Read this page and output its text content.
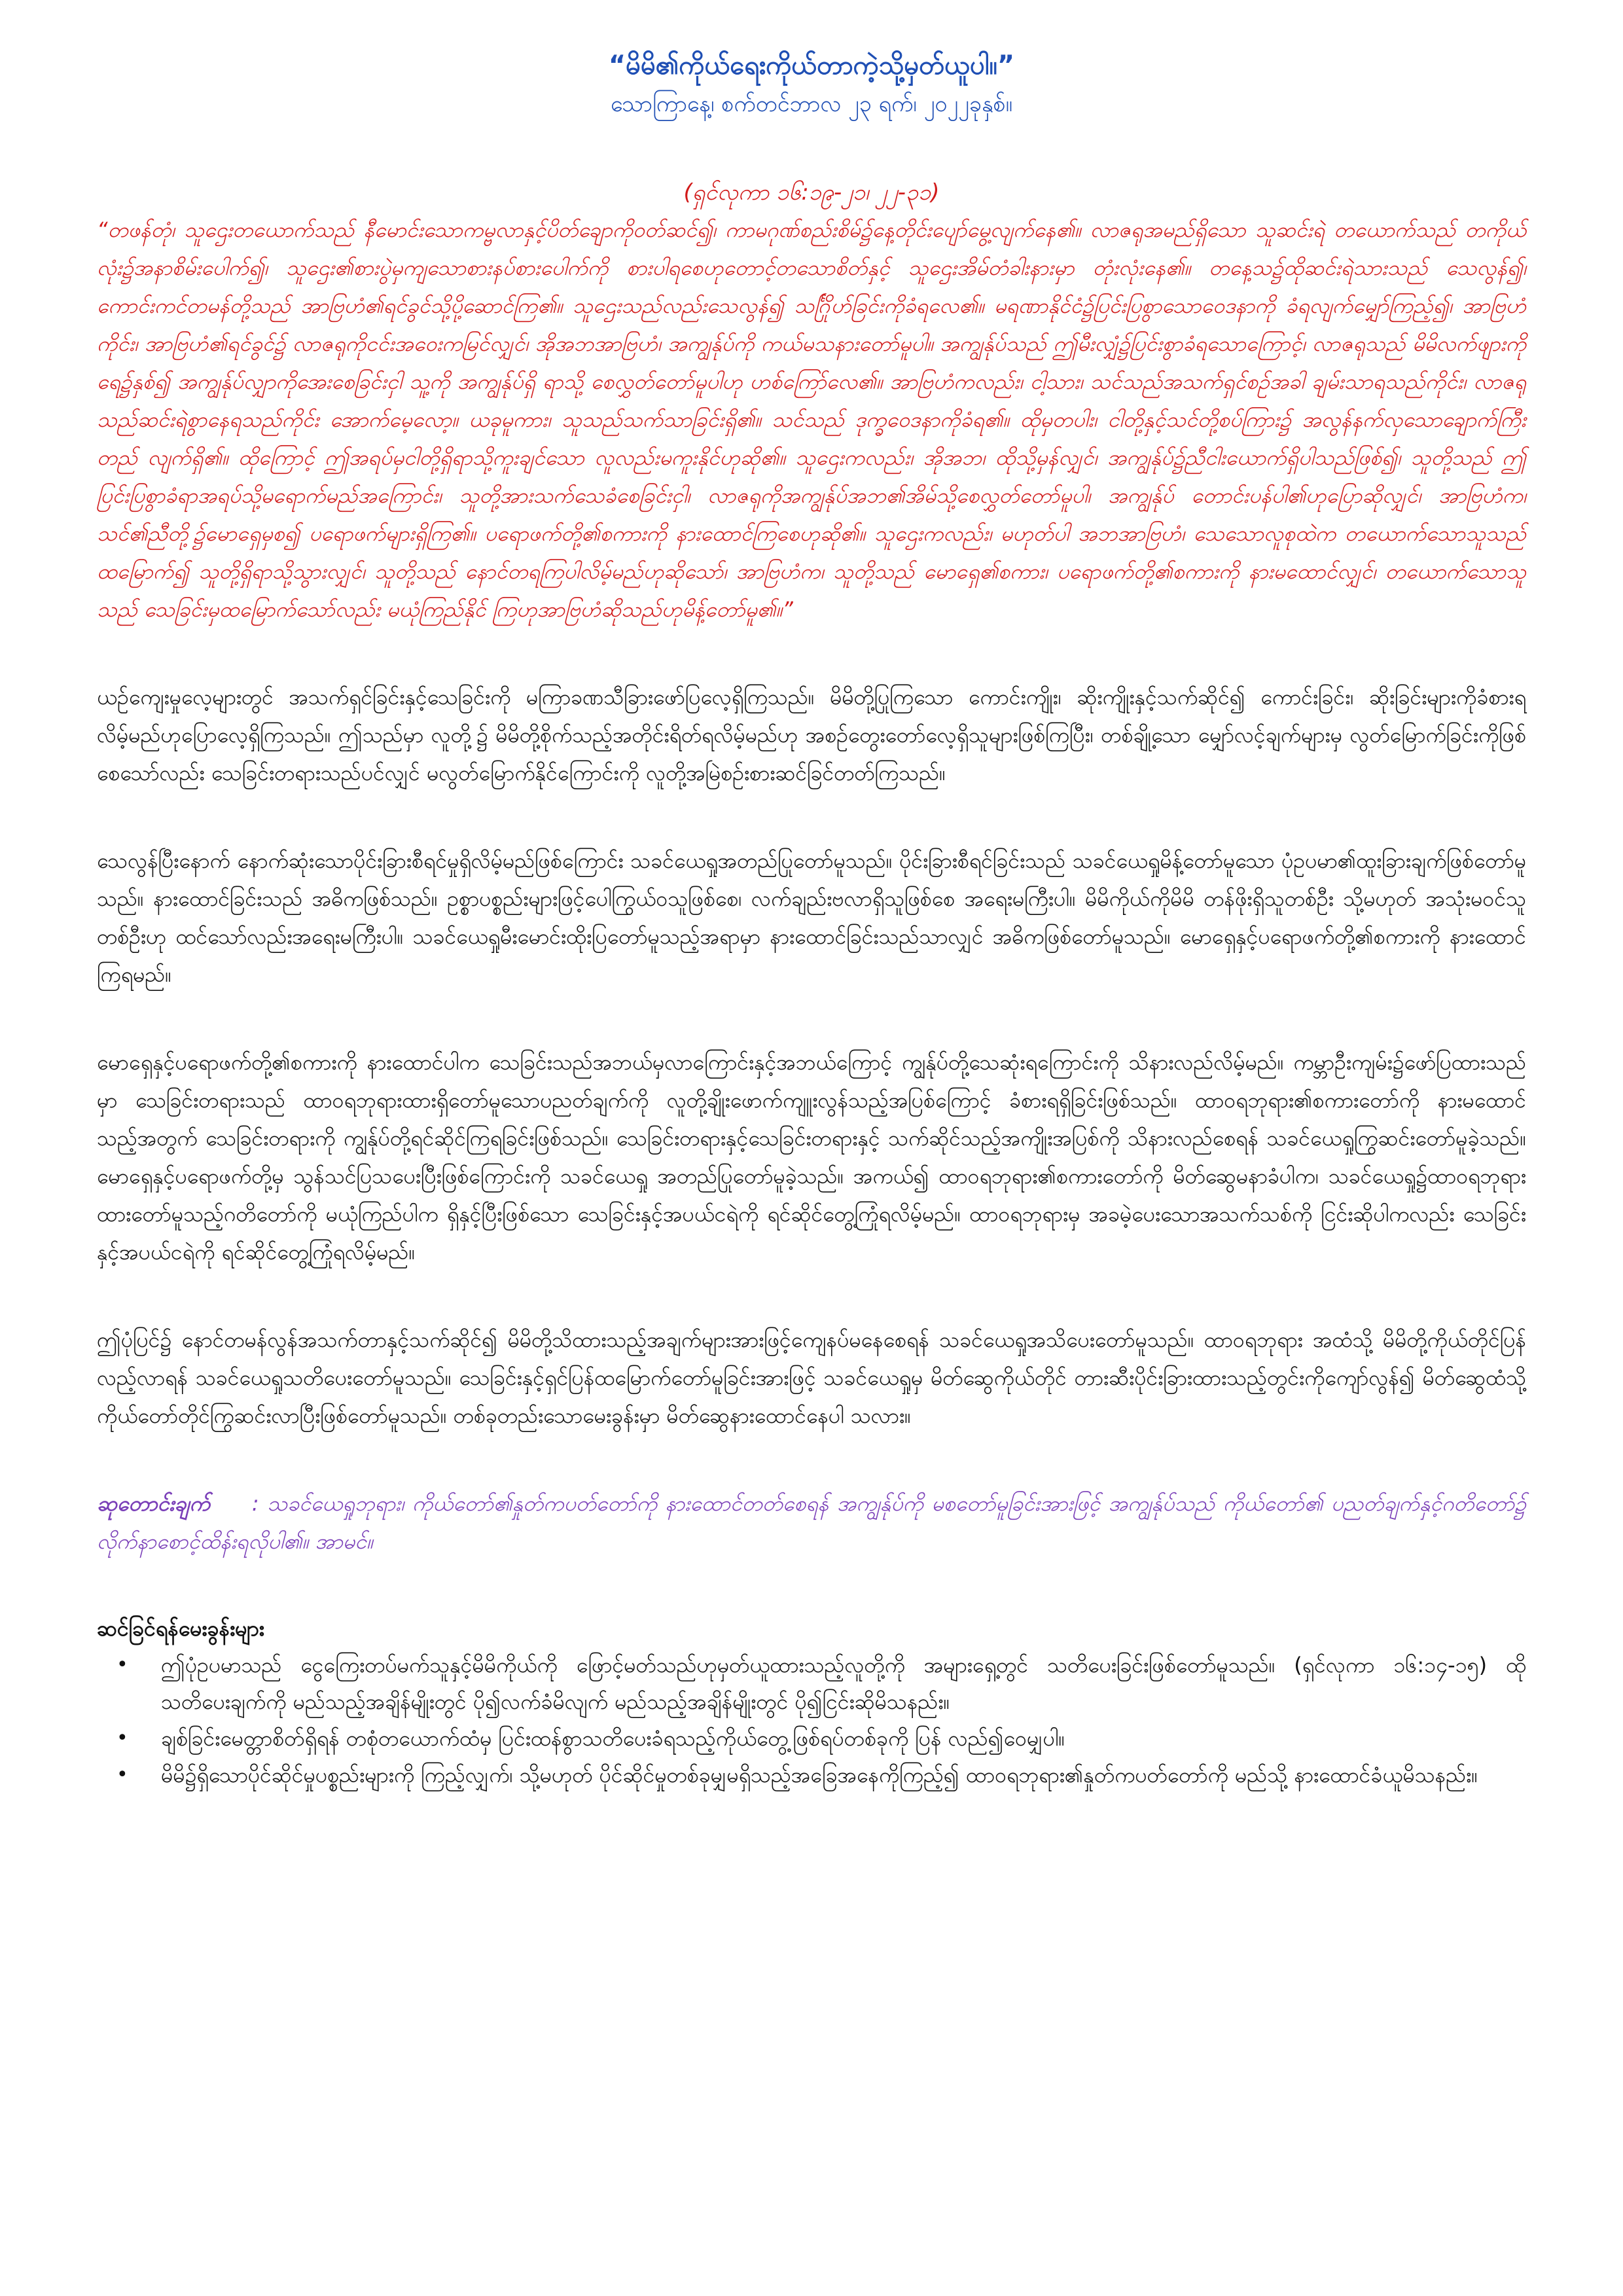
“မိမိ၏ကိုယ်ရေးကိုယ်တာကဲ့သို့မှတ်ယူပါ။”

သောကြာနေ့၊ စက်တင်ဘာလ ၂၃ ရက်၊ ၂၀၂၂ခုနှစ်။

(ရှင်လုကာ ၁၆:၁၉-၂၁၊ ၂၂-၃၁)

“တဖန်တုံ၊ သူဌေးတယောက်သည် နီမောင်းသောကမ္ဗလာနှင့်ပိတ်ချောကိုဝတ်ဆင်၍၊ ကာမဂုဏ်စည်းစိမ်၌နေ့တိုင်းပျော်မွေ့လျက်နေ၏။ လာဇရုအမည်ရှိသော သူဆင်းရဲ တယောက်သည် တကိုယ်လုံး၌အနာစိမ်းပေါက်၍၊ သူဌေး၏စားပွဲမှကျသောစားနပ်စားပေါက်ကို စားပါရစေဟုတောင့်တသောစိတ်နှင့် သူဌေးအိမ်တံခါးနားမှာ တုံးလုံးနေ၏။ တနေ့သ၌ထိုဆင်းရဲသားသည် သေလွန်၍၊ ကောင်းကင်တမန်တို့သည် အာဗြဟံ၏ရင်ခွင်သို့ပို့ဆောင်ကြ၏။ သူဌေးသည်လည်းသေလွန်၍ သင်္ဂြိုဟ်ခြင်းကိုခံရလေ၏။ မရဏာနိုင်ငံ၌ပြင်းပြစွာသောဝေဒနာကို ခံရလျက်မျှော်ကြည့်၍၊ အာဗြဟံကိုင်း၊ အာဗြဟံ၏ရင်ခွင်၌ လာဇရုကိုငင်းအဝေးကမြင်လျှင်၊ အိုအဘအာဗြဟံ၊ အကျွန်ုပ်ကို ကယ်မသနားတော်မူပါ။ အကျွန်ုပ်သည် ဤမီးလျှံ၌ပြင်းစွာခံရသောကြောင့်၊ လာဇရုသည် မိမိလက်ဖျားကိုရေ၌နှစ်၍ အကျွန်ုပ်လျှာကိုအေးစေခြင်းငှါ သူ့ကို အကျွန်ုပ်ရှိ ရာသို့ စေလွှတ်တော်မူပါဟု ဟစ်ကြော်လေ၏။ အာဗြဟံကလည်း၊ ငါ့သား၊ သင်သည်အသက်ရှင်စဉ်အခါ ချမ်းသာရသည်ကိုင်း၊ လာဇရုသည်ဆင်းရဲစွာနေရသည်ကိုင်း အောက်မေ့လော့။ ယခုမူကား၊ သူသည်သက်သာခြင်းရှိ၏။ သင်သည် ဒုက္ခဝေဒနာကိုခံရ၏။ ထိုမှတပါး၊ ငါတို့နှင့်သင်တို့စပ်ကြား၌ အလွန်နက်လှသောချောက်ကြီးတည် လျက်ရှိ၏။ ထိုကြောင့် ဤအရပ်မှငါတို့ရှိရာသို့ကူးချင်သော လူလည်းမကူးနိုင်ဟုဆို၏။ သူဌေးကလည်း၊ အိုအဘ၊ ထိုသို့မှန်လျှင်၊ အကျွန်ုပ်၌ညီငါးယောက်ရှိပါသည်ဖြစ်၍၊ သူတို့သည် ဤပြင်းပြစွာခံရာအရပ်သို့မရောက်မည်အကြောင်း၊ သူတို့အားသက်သေခံစေခြင်းငှါ၊ လာဇရုကိုအကျွန်ုပ်အဘ၏အိမ်သို့စေလွှတ်တော်မူပါ၊ အကျွန်ုပ် တောင်းပန်ပါ၏ဟုပြောဆိုလျှင်၊ အာဗြဟံက၊ သင်၏ညီတို့၌မောရှေမှစ၍ ပရောဖက်များရှိကြ၏။ ပရောဖက်တို့၏စကားကို နားထောင်ကြစေဟုဆို၏။ သူဌေးကလည်း၊ မဟုတ်ပါ အဘအာဗြဟံ၊ သေသောလူစုထဲက တယောက်သောသူသည် ထမြောက်၍ သူတို့ရှိရာသို့သွားလျှင်၊ သူတို့သည် နောင်တရကြပါလိမ့်မည်ဟုဆိုသော်၊ အာဗြဟံက၊ သူတို့သည် မောရှေ၏စကား၊ ပရောဖက်တို့၏စကားကို နားမထောင်လျှင်၊ တယောက်သောသူသည် သေခြင်းမှထမြောက်သော်လည်း မယုံကြည်နိုင် ကြဟုအာဗြဟံဆိုသည်ဟုမိန့်တော်မူ၏။”

ယဉ်ကျေးမှုလေ့များတွင် အသက်ရှင်ခြင်းနှင့်သေခြင်းကို မကြာခဏသီခြားဖော်ပြလေ့ရှိကြသည်။ မိမိတို့ပြုကြသော ကောင်းကျိုး၊ ဆိုးကျိုးနှင့်သက်ဆိုင်၍ ကောင်းခြင်း၊ ဆိုးခြင်းများကိုခံစားရလိမ့်မည်ဟုပြောလေ့ရှိကြသည်။ ဤသည်မှာ လူတို့၌ မိမိတို့စိုက်သည့်အတိုင်းရိတ်ရလိမ့်မည်ဟု အစဉ်တွေးတော်လေ့ရှိသူများဖြစ်ကြပြီး၊ တစ်ချို့သော မျှော်လင့်ချက်များမှ လွတ်မြောက်ခြင်းကိုဖြစ်စေသော်လည်း သေခြင်းတရားသည်ပင်လျှင် မလွတ်မြောက်နိုင်ကြောင်းကို လူတို့အမြဲစဉ်းစားဆင်ခြင်တတ်ကြသည်။

သေလွန်ပြီးနောက် နောက်ဆုံးသောပိုင်းခြားစီရင်မှုရှိလိမ့်မည်ဖြစ်ကြောင်း သခင်ယေရှုအတည်ပြုတော်မူသည်။ ပိုင်းခြားစီရင်ခြင်းသည် သခင်ယေရှုမိန့်တော်မူသော ပုံဥပမာ၏ထူးခြားချက်ဖြစ်တော်မူသည်။ နားထောင်ခြင်းသည် အဓိကဖြစ်သည်။ ဥစ္စာပစ္စည်းများဖြင့်ပေါကြွယ်ဝသူဖြစ်စေ၊ လက်ချည်းဗလာရှိသူဖြစ်စေ အရေးမကြီးပါ။ မိမိကိုယ်ကိုမိမိ တန်ဖိုးရှိသူတစ်ဦး သို့မဟုတ် အသုံးမဝင်သူတစ်ဦးဟု ထင်သော်လည်းအရေးမကြီးပါ။ သခင်ယေရှုမီးမောင်းထိုးပြတော်မူသည့်အရာမှာ နားထောင်ခြင်းသည်သာလျှင် အဓိကဖြစ်တော်မူသည်။ မောရှေနှင့်ပရောဖက်တို့၏စကားကို နားထောင်ကြရမည်။

မောရှေနှင့်ပရောဖက်တို့၏စကားကို နားထောင်ပါက သေခြင်းသည်အဘယ်မှလာကြောင်းနှင့်အဘယ်ကြောင့် ကျွန်ုပ်တို့သေဆုံးရကြောင်းကို သိနားလည်လိမ့်မည်။ ကမ္ဘာဦးကျမ်း၌ဖော်ပြထားသည်မှာ သေခြင်းတရားသည် ထာဝရဘုရားထားရှိတော်မူသောပညတ်ချက်ကို လူတို့ချိုးဖောက်ကျူးလွန်သည့်အပြစ်ကြောင့် ခံစားရရှိခြင်းဖြစ်သည်။ ထာဝရဘုရား၏စကားတော်ကို နားမထောင်သည့်အတွက် သေခြင်းတရားကို ကျွန်ုပ်တို့ရင်ဆိုင်ကြရခြင်းဖြစ်သည်။ သေခြင်းတရားနှင့်သေခြင်းတရားနှင့် သက်ဆိုင်သည့်အကျိုးအပြစ်ကို သိနားလည်စေရန် သခင်ယေရှုကြွဆင်းတော်မူခဲ့သည်။ မောရှေနှင့်ပရောဖက်တို့မှ သွန်သင်ပြသပေးပြီးဖြစ်ကြောင်းကို သခင်ယေရှု အတည်ပြုတော်မူခဲ့သည်။ အကယ်၍ ထာဝရဘုရား၏စကားတော်ကို မိတ်ဆွေမနာခံပါက၊ သခင်ယေရှု၌ထာဝရဘုရားထားတော်မူသည့်ဂတိတော်ကို မယုံကြည်ပါက ရှိနှင့်ပြီးဖြစ်သော သေခြင်းနှင့်အပယ်ငရဲကို ရင်ဆိုင်တွေ့ကြုံရလိမ့်မည်။ ထာဝရဘုရားမှ အခမဲ့ပေးသောအသက်သစ်ကို ငြင်းဆိုပါကလည်း သေခြင်းနှင့်အပယ်ငရဲကို ရင်ဆိုင်တွေ့ကြုံရလိမ့်မည်။

ဤပုံပြင်၌ နောင်တမန်လွန်အသက်တာနှင့်သက်ဆိုင်၍ မိမိတို့သိထားသည့်အချက်များအားဖြင့်ကျေနပ်မနေစေရန် သခင်ယေရှုအသိပေးတော်မူသည်။ ထာဝရဘုရား အထံသို့ မိမိတို့ကိုယ်တိုင်ပြန်လည့်လာရန် သခင်ယေရှုသတိပေးတော်မူသည်။ သေခြင်းနှင့်ရှင်ပြန်ထမြောက်တော်မူခြင်းအားဖြင့် သခင်ယေရှုမှ မိတ်ဆွေကိုယ်တိုင် တားဆီးပိုင်းခြားထားသည့်တွင်းကိုကျော်လွန်၍ မိတ်ဆွေထံသို့ ကိုယ်တော်တိုင်ကြွဆင်းလာပြီးဖြစ်တော်မူသည်။ တစ်ခုတည်းသောမေးခွန်းမှာ မိတ်ဆွေနားထောင်နေပါ သလား။

ဆုတောင်းချက် : သခင်ယေရှုဘုရား၊ ကိုယ်တော်၏နှုတ်ကပတ်တော်ကို နားထောင်တတ်စေရန် အကျွန်ုပ်ကို မစတော်မူခြင်းအားဖြင့် အကျွန်ုပ်သည် ကိုယ်တော်၏ ပညတ်ချက်နှင့်ဂတိတော်၌ လိုက်နာစောင့်ထိန်းရလိုပါ၏။ အာမင်။

ဆင်ခြင်ရန်မေးခွန်းများ

• ဤပုံဥပမာသည် ငွေကြေးတပ်မက်သူနှင့်မိမိကိုယ်ကို ဖြောင့်မတ်သည်ဟုမှတ်ယူထားသည့်လူတို့ကို အများရှေ့တွင် သတိပေးခြင်းဖြစ်တော်မူသည်။ (ရှင်လုကာ ၁၆:၁၄-၁၅) ထိုသတိပေးချက်ကို မည်သည့်အချိန်မျိုးတွင် ပို၍လက်ခံမိလျက် မည်သည့်အချိန်မျိုးတွင် ပို၍ငြင်းဆိုမိသနည်း။
• ချစ်ခြင်းမေတ္တာစိတ်ရှိရန် တစုံတယောက်ထံမှ ပြင်းထန်စွာသတိပေးခံရသည့်ကိုယ်တွေ့ဖြစ်ရပ်တစ်ခုကို ပြန် လည်၍ဝေမျှပါ။
• မိမိ၌ရှိသောပိုင်ဆိုင်မှုပစ္စည်းများကို ကြည့်လျှက်၊ သို့မဟုတ် ပိုင်ဆိုင်မှုတစ်ခုမျှမရှိသည့်အခြေအနေကိုကြည့်၍ ထာဝရဘုရား၏နှုတ်ကပတ်တော်ကို မည်သို့ နားထောင်ခံယူမိသနည်း။
